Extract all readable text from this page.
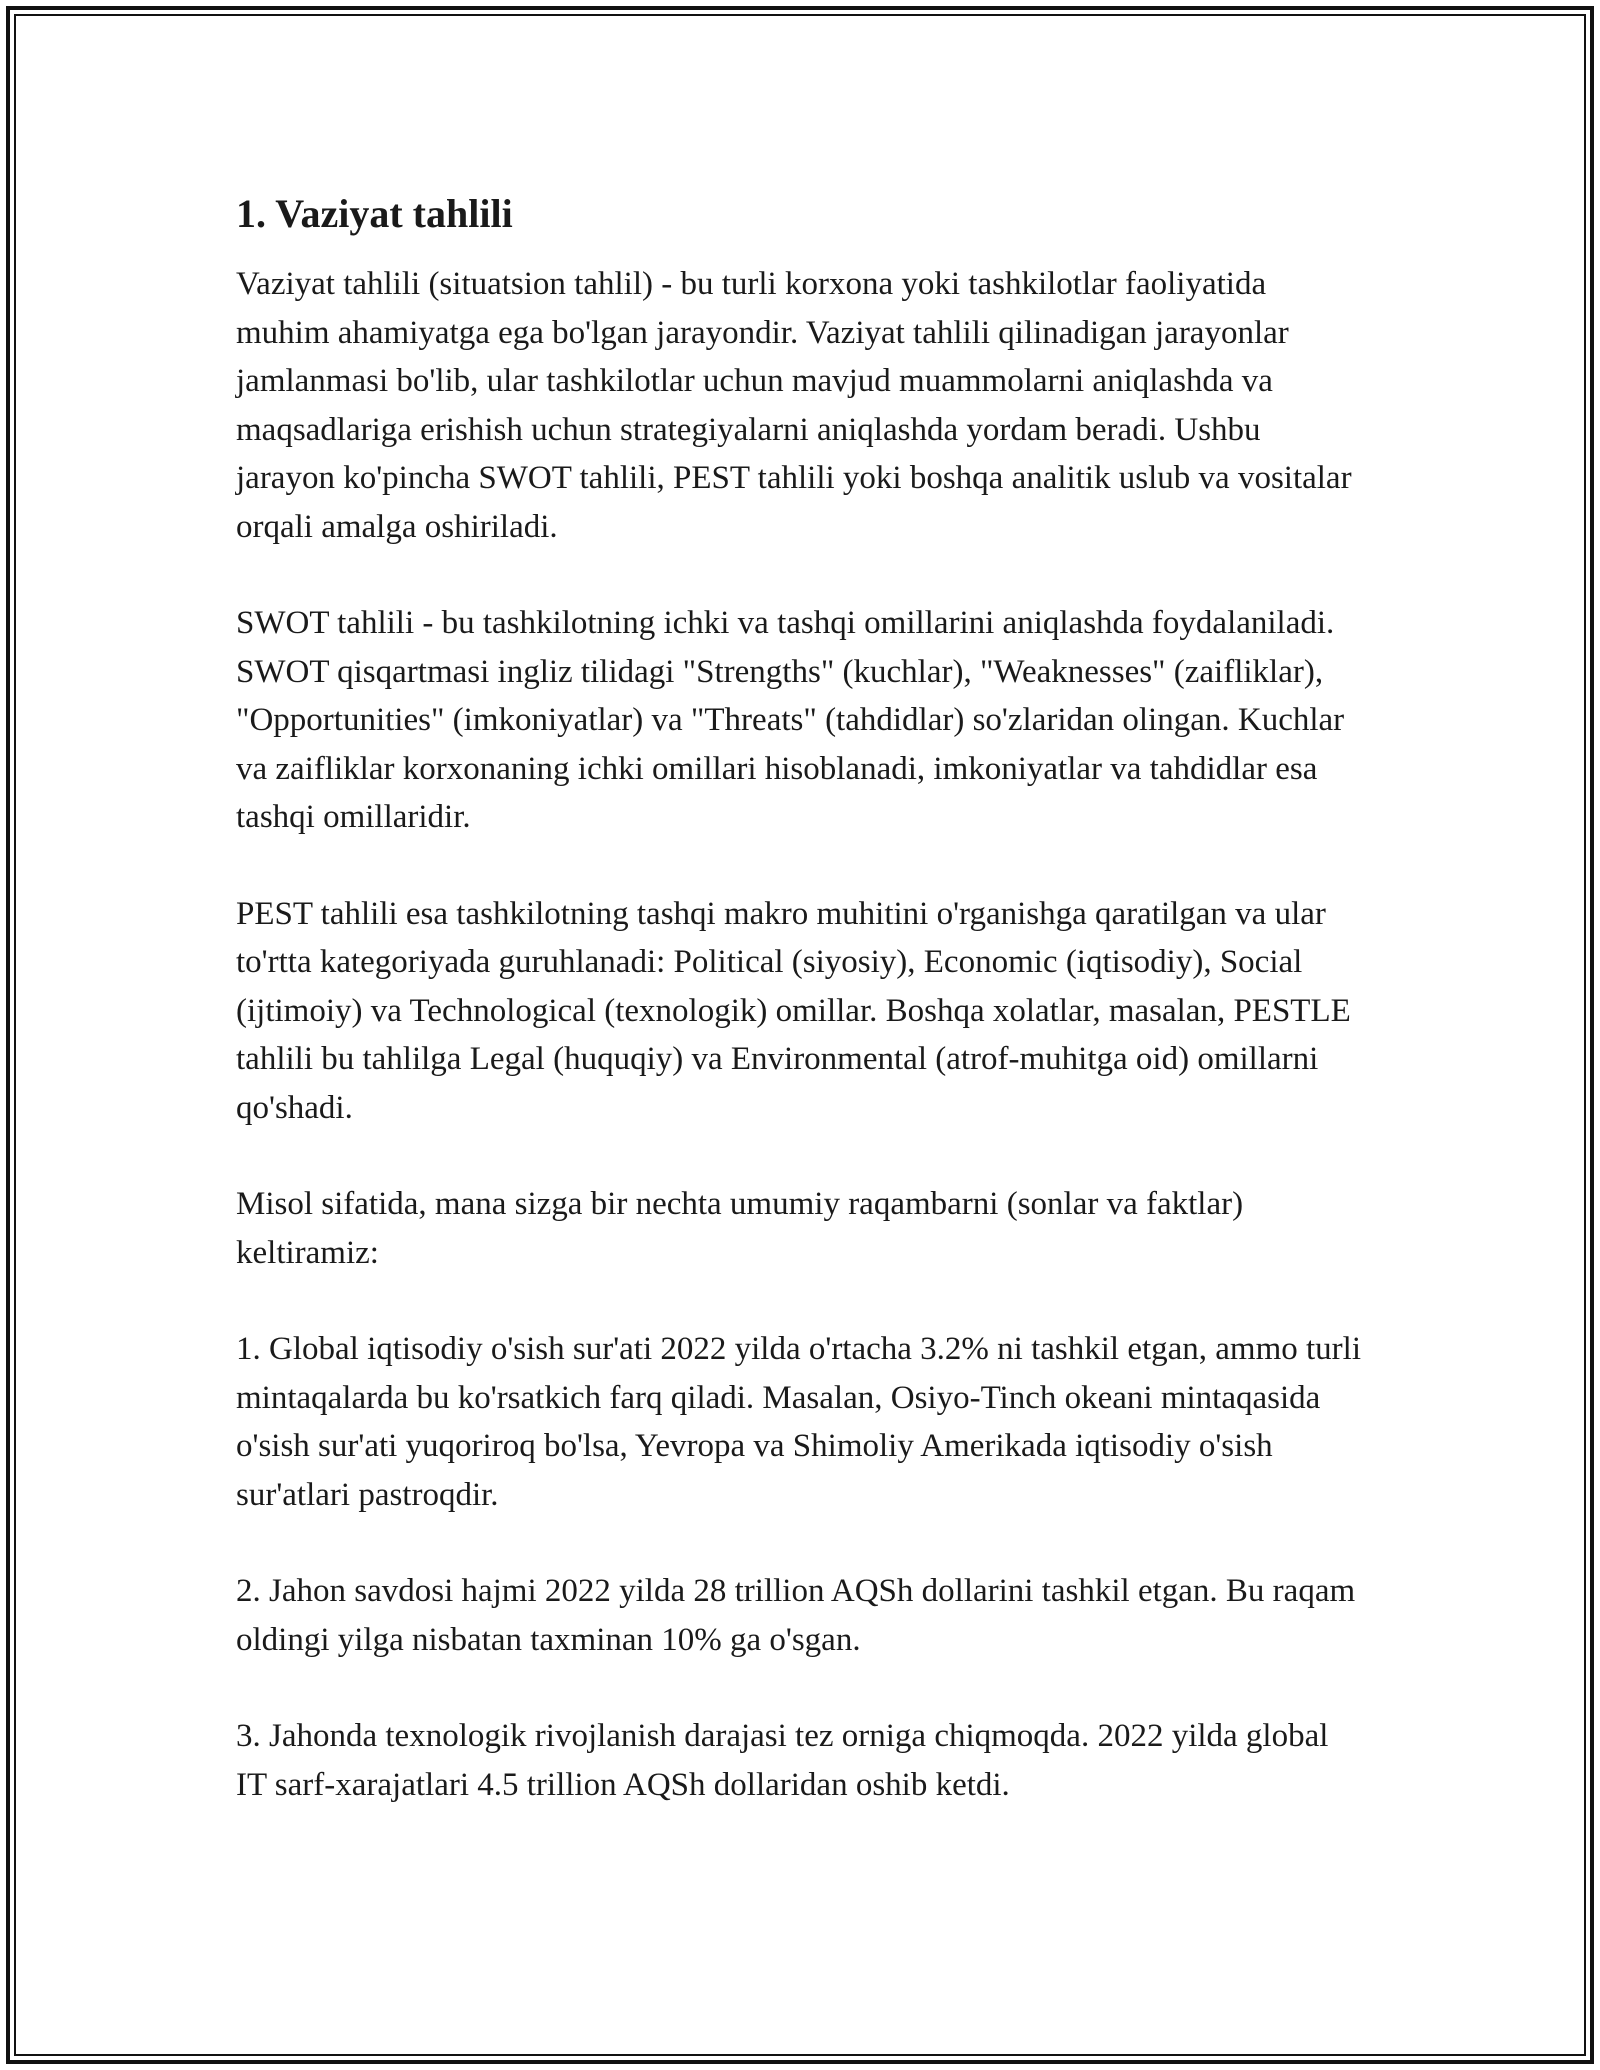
1. Vaziyat tahlili

Vaziyat tahlili (situatsion tahlil) - bu turli korxona yoki tashkilotlar faoliyatida muhim ahamiyatga ega bo'lgan jarayondir. Vaziyat tahlili qilinadigan jarayonlar jamlanmasi bo'lib, ular tashkilotlar uchun mavjud muammolarni aniqlashda va maqsadlariga erishish uchun strategiyalarni aniqlashda yordam beradi. Ushbu jarayon ko'pincha SWOT tahlili, PEST tahlili yoki boshqa analitik uslub va vositalar orqali amalga oshiriladi.

SWOT tahlili - bu tashkilotning ichki va tashqi omillarini aniqlashda foydalaniladi. SWOT qisqartmasi ingliz tilidagi "Strengths" (kuchlar), "Weaknesses" (zaifliklar), "Opportunities" (imkoniyatlar) va "Threats" (tahdidlar) so'zlaridan olingan. Kuchlar va zaifliklar korxonaning ichki omillari hisoblanadi, imkoniyatlar va tahdidlar esa tashqi omillaridir.

PEST tahlili esa tashkilotning tashqi makro muhitini o'rganishga qaratilgan va ular to'rtta kategoriyada guruhlanadi: Political (siyosiy), Economic (iqtisodiy), Social (ijtimoiy) va Technological (texnologik) omillar. Boshqa xolatlar, masalan, PESTLE tahlili bu tahlilga Legal (huquqiy) va Environmental (atrof-muhitga oid) omillarni qo'shadi.

Misol sifatida, mana sizga bir nechta umumiy raqambarni (sonlar va faktlar) keltiramiz:

1. Global iqtisodiy o'sish sur'ati 2022 yilda o'rtacha 3.2% ni tashkil etgan, ammo turli mintaqalarda bu ko'rsatkich farq qiladi. Masalan, Osiyo-Tinch okeani mintaqasida o'sish sur'ati yuqoriroq bo'lsa, Yevropa va Shimoliy Amerikada iqtisodiy o'sish sur'atlari pastroqdir.

2. Jahon savdosi hajmi 2022 yilda 28 trillion AQSh dollarini tashkil etgan. Bu raqam oldingi yilga nisbatan taxminan 10% ga o'sgan.

3. Jahonda texnologik rivojlanish darajasi tez orniga chiqmoqda. 2022 yilda global IT sarf-xarajatlari 4.5 trillion AQSh dollaridan oshib ketdi.
